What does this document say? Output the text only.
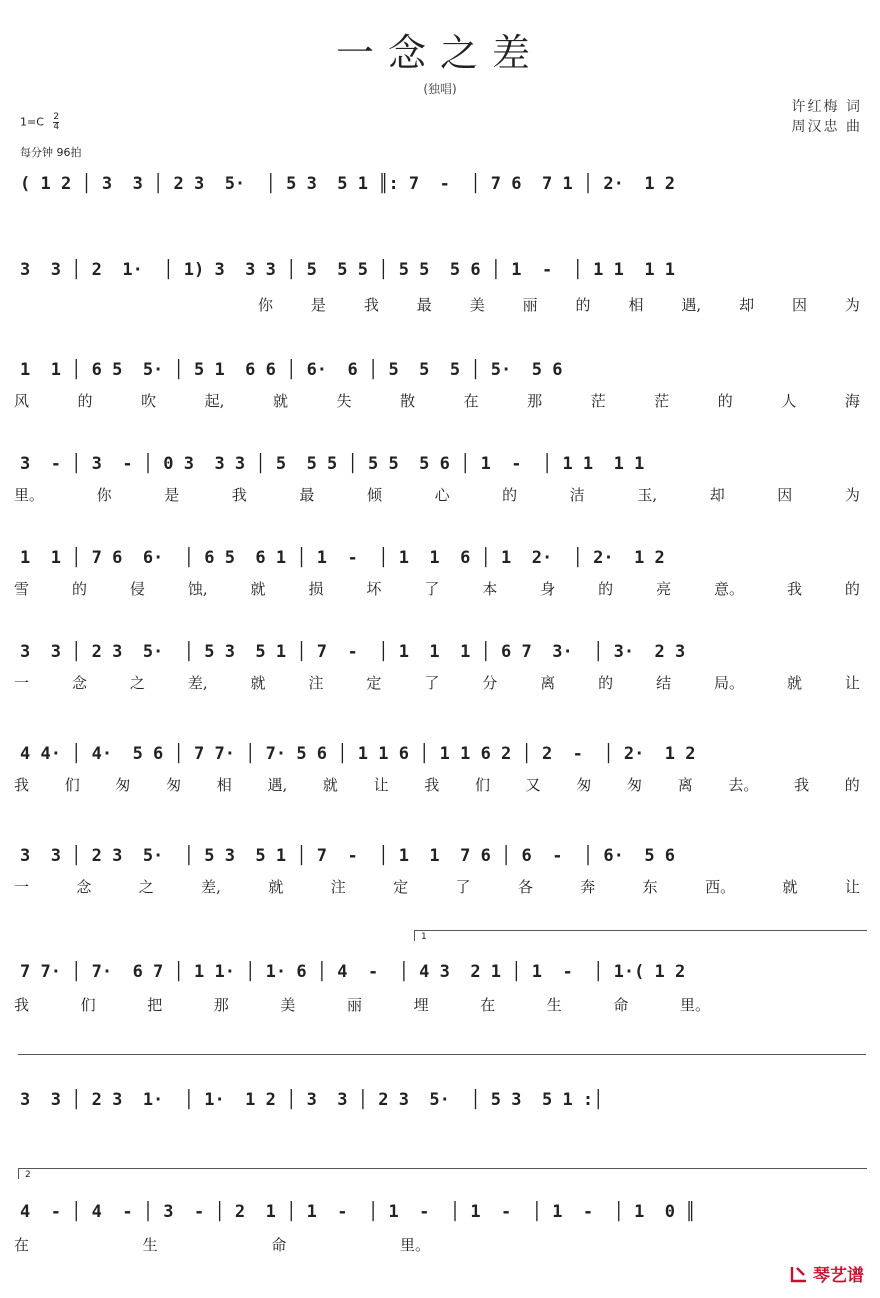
一念之差
(独唱)
许红梅 词
周汉忠 曲
$1=C \frac{2}{4}$
每分钟 96拍
( 1 2 │ 3  3 │ 2 3  5·  │ 5 3  5 1 ║: 7  -  │ 7 6  7 1 │ 2·  1 2
3  3 │ 2  1·  │ 1) 3  3 3 │ 5  5 5 │ 5 5  5 6 │ 1  -  │ 1 1  1 1
你	是	我	最	美	丽	的	相	遇,	却	因	为
1  1 │ 6 5  5· │ 5 1  6 6 │ 6·  6 │ 5  5  5 │ 5·  5 6
风	的	吹	起,	就	失	散	在	那	茫	茫	的	人	海
3  - │ 3  - │ 0 3  3 3 │ 5  5 5 │ 5 5  5 6 │ 1  -  │ 1 1  1 1
里。	你	是	我	最	倾	心	的	洁	玉,	却	因	为
1  1 │ 7 6  6·  │ 6 5  6 1 │ 1  -  │ 1  1  6 │ 1  2·  │ 2·  1 2
雪	的	侵	蚀,	就	损	坏	了	本	身	的	亮	意。	我	的
3  3 │ 2 3  5·  │ 5 3  5 1 │ 7  -  │ 1  1  1 │ 6 7  3·  │ 3·  2 3
一	念	之	差,	就	注	定	了	分	离	的	结	局。	就	让
4 4· │ 4·  5 6 │ 7 7· │ 7· 5 6 │ 1 1 6 │ 1 1 6 2 │ 2  -  │ 2·  1 2
我 们 匆 匆 相 遇, 就 让 我 们 又 匆 匆 离 去。 我 的
3  3 │ 2 3  5·  │ 5 3  5 1 │ 7  -  │ 1  1  7 6 │ 6  -  │ 6·  5 6
一	念	之	差,	就	注	定	了	各	奔	东	西。	就	让
1
7 7· │ 7·  6 7 │ 1 1· │ 1· 6 │ 4  -  │ 4 3  2 1 │ 1  -  │ 1·( 1 2
我	们	把	那	美	丽	埋	在	生	命	里。
3  3 │ 2 3  1·  │ 1·  1 2 │ 3  3 │ 2 3  5·  │ 5 3  5 1 :│
2
4  - │ 4  - │ 3  - │ 2  1 │ 1  -  │ 1  -  │ 1  -  │ 1  -  │ 1  0 ║
在	生	命	里。
琴艺谱
